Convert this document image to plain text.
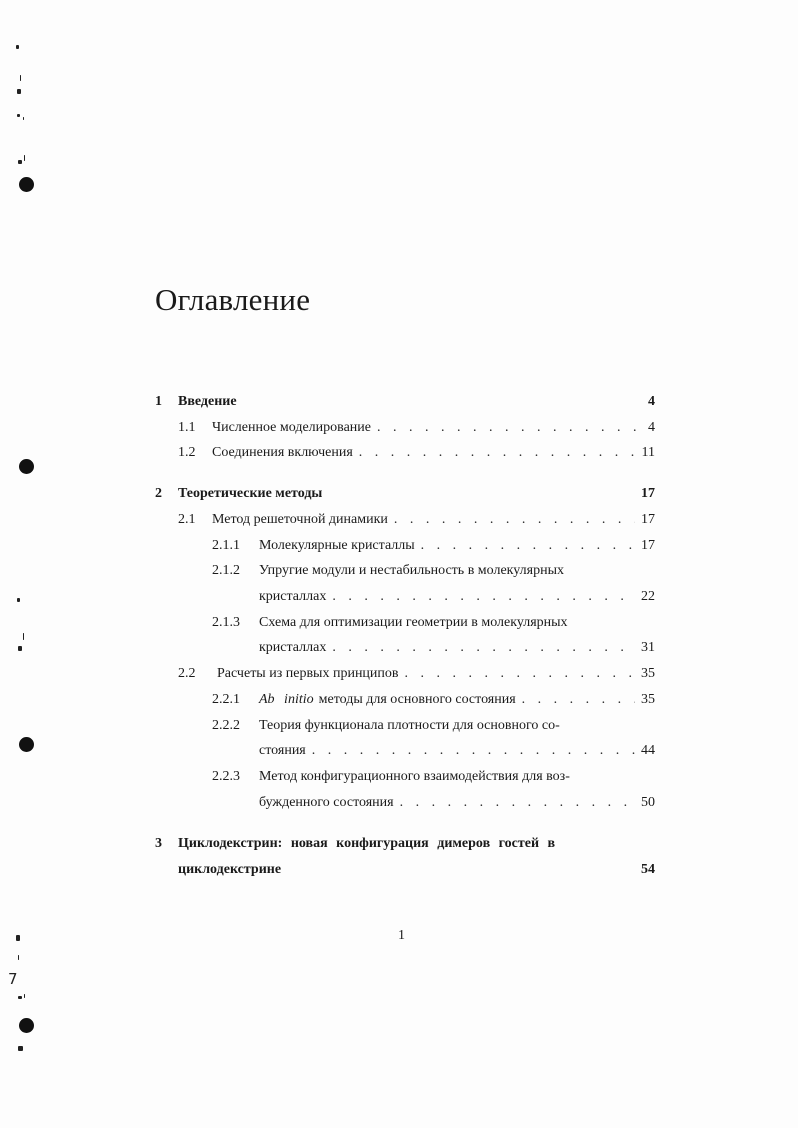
7
Оглавление
1	Введение	4
1.1	Численное моделирование . . .	4
1.2	Соединения включения . . .	11
2	Теоретические методы	17
2.1	Метод решеточной динамики . . .	17
2.1.1	Молекулярные кристаллы . . .	17
2.1.2	Упругие модули и нестабильность в молекулярных
кристаллах . . .	22
2.1.3	Схема для оптимизации геометрии в молекулярных
кристаллах . . .	31
2.2	Расчеты из первых принципов . . .	35
2.2.1	Ab initio методы для основного состояния . . .	35
2.2.2	Теория функционала плотности для основного со-
стояния . . .	44
2.2.3	Метод конфигурационного взаимодействия для воз-
бужденного состояния . . .	50
3	Циклодекстрин: новая конфигурация димеров гостей в
циклодекстрине	54
1
